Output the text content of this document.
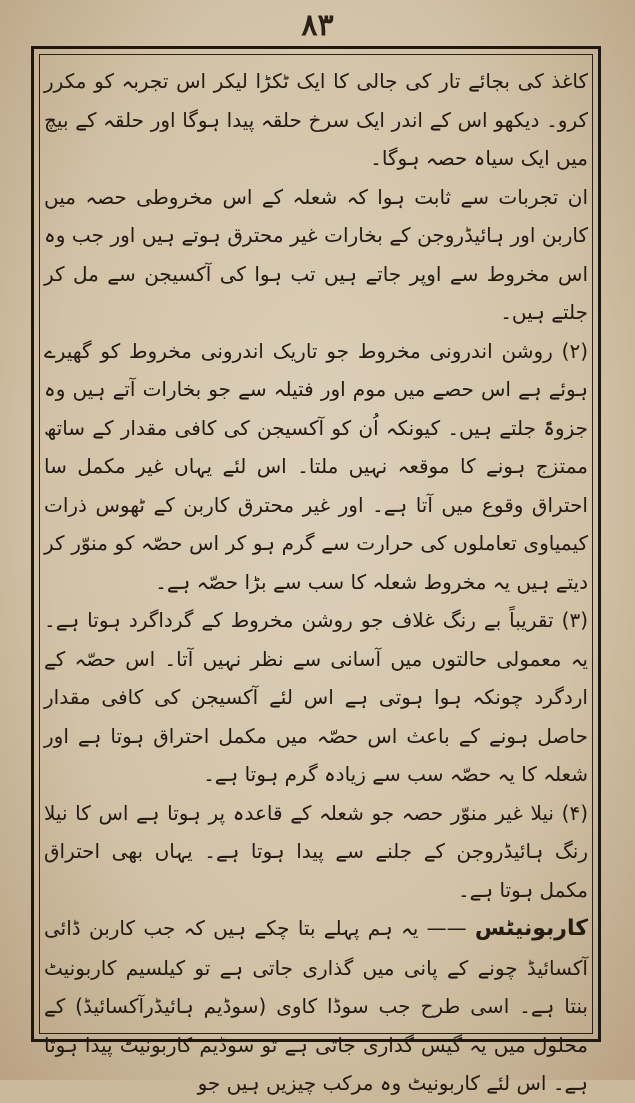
۸۳

کاغذ کی بجائے تار کی جالی کا ایک ٹکڑا لیکر اس تجربہ کو مکرر کرو۔ دیکھو اس کے اندر ایک سرخ حلقہ پیدا ہوگا اور حلقہ کے بیچ میں ایک سیاہ حصہ ہوگا۔

ان تجربات سے ثابت ہوا کہ شعلہ کے اس مخروطی حصہ میں کاربن اور ہائیڈروجن کے بخارات غیر محترق ہوتے ہیں اور جب وہ اس مخروط سے اوپر جاتے ہیں تب ہوا کی آکسیجن سے مل کر جلتے ہیں۔

(۲) روشن اندرونی مخروط جو تاریک اندرونی مخروط کو گھیرے ہوئے ہے اس حصے میں موم اور فتیلہ سے جو بخارات آتے ہیں وہ جزوۃً جلتے ہیں۔ کیونکہ اُن کو آکسیجن کی کافی مقدار کے ساتھ ممتزج ہونے کا موقعہ نہیں ملتا۔ اس لئے یہاں غیر مکمل سا احتراق وقوع میں آتا ہے۔ اور غیر محترق کاربن کے ٹھوس ذرات کیمیاوی تعاملوں کی حرارت سے گرم ہو کر اس حصّہ کو منوّر کر دیتے ہیں یہ مخروط شعلہ کا سب سے بڑا حصّہ ہے۔

(۳) تقریباً بے رنگ غلاف جو روشن مخروط کے گرداگرد ہوتا ہے۔ یہ معمولی حالتوں میں آسانی سے نظر نہیں آتا۔ اس حصّہ کے اردگرد چونکہ ہوا ہوتی ہے اس لئے آکسیجن کی کافی مقدار حاصل ہونے کے باعث اس حصّہ میں مکمل احتراق ہوتا ہے اور شعلہ کا یہ حصّہ سب سے زیادہ گرم ہوتا ہے۔

(۴) نیلا غیر منوّر حصہ جو شعلہ کے قاعدہ پر ہوتا ہے اس کا نیلا رنگ ہائیڈروجن کے جلنے سے پیدا ہوتا ہے۔ یہاں بھی احتراق مکمل ہوتا ہے۔

کاربونیٹس —— یہ ہم پہلے بتا چکے ہیں کہ جب کاربن ڈائی آکسائیڈ چونے کے پانی میں گذاری جاتی ہے تو کیلسیم کاربونیٹ بنتا ہے۔ اسی طرح جب سوڈا کاوی (سوڈیم ہائیڈرآکسائیڈ) کے محلول میں یہ گیس گذاری جاتی ہے تو سوڈیم کاربونیٹ پیدا ہوتا ہے۔ اس لئے کاربونیٹ وہ مرکب چیزیں ہیں جو
